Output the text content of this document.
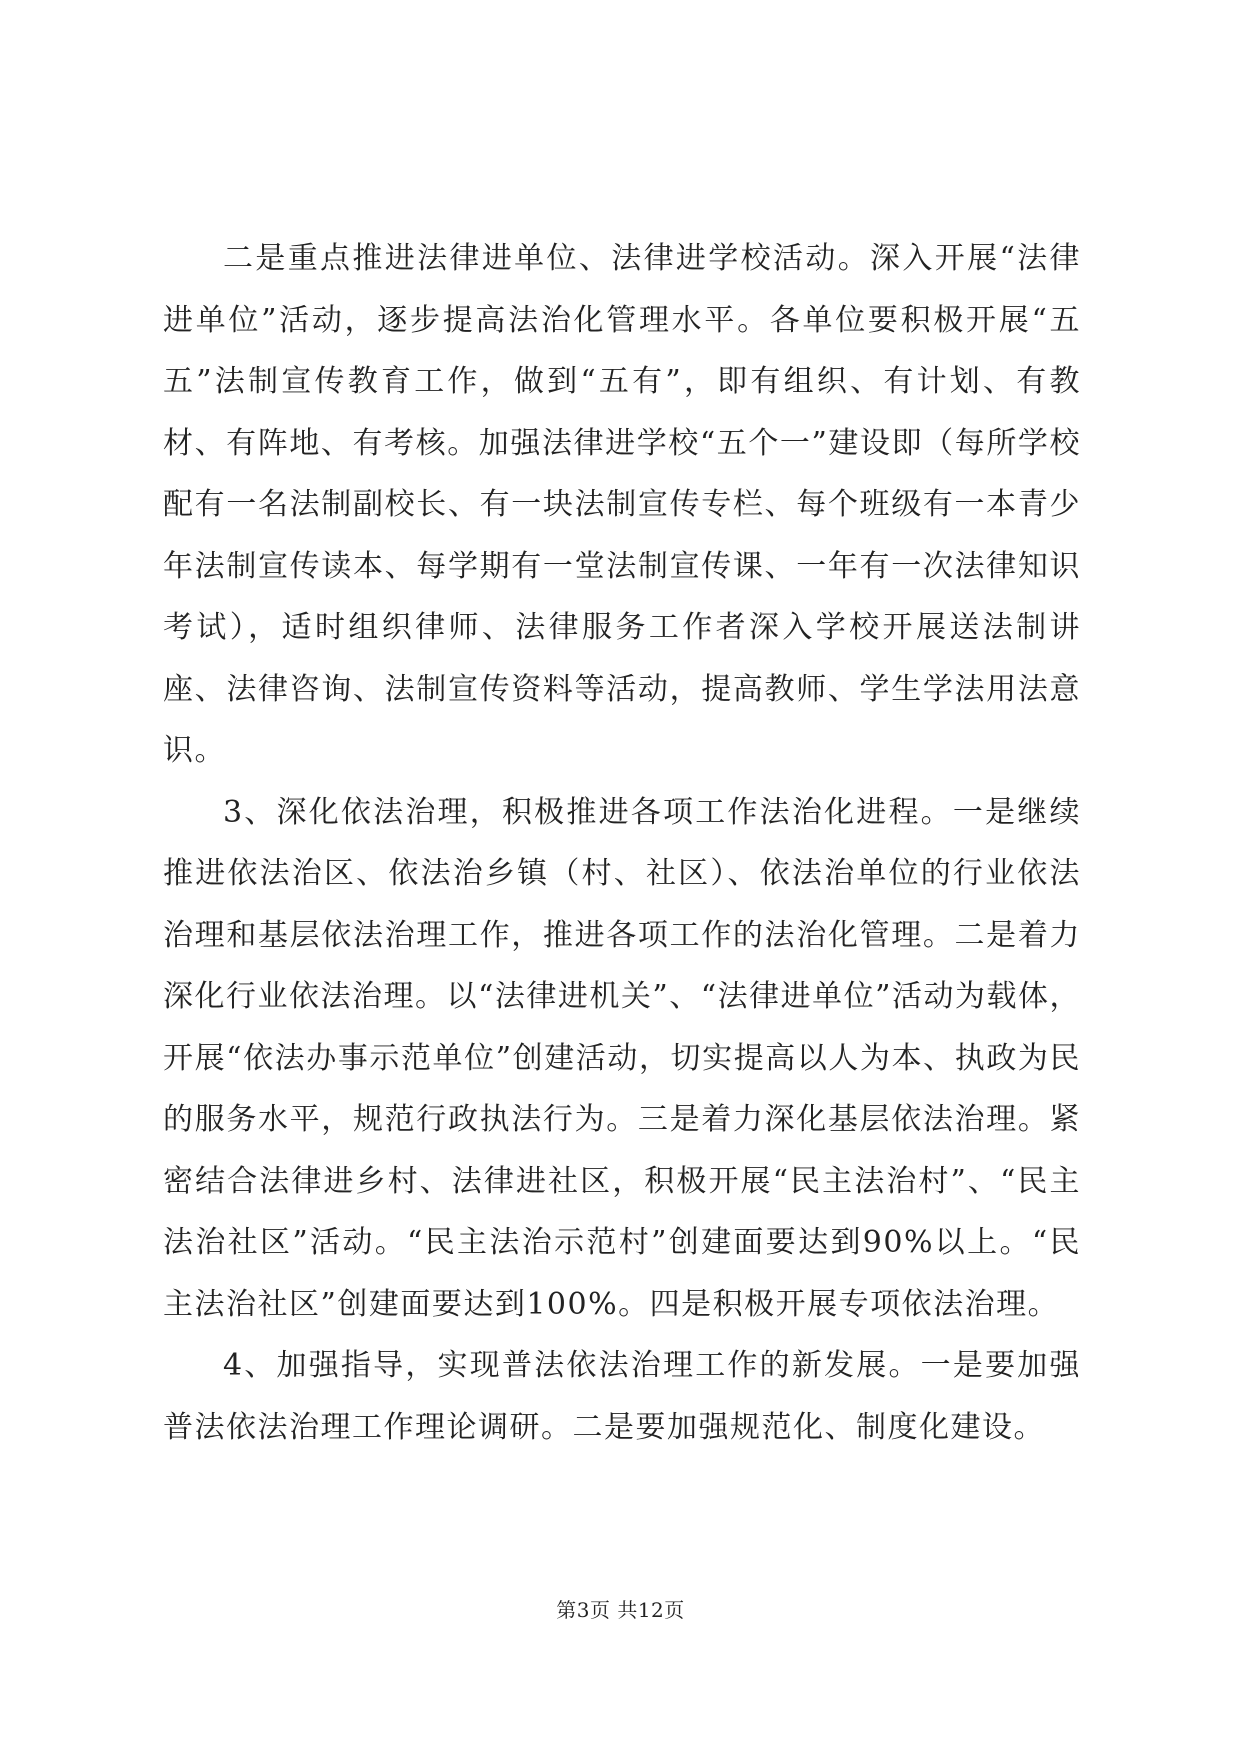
二是重点推进法律进单位、法律进学校活动。深入开展“法律进单位”活动，逐步提高法治化管理水平。各单位要积极开展“五五”法制宣传教育工作，做到“五有”，即有组织、有计划、有教材、有阵地、有考核。加强法律进学校“五个一”建设即（每所学校配有一名法制副校长、有一块法制宣传专栏、每个班级有一本青少年法制宣传读本、每学期有一堂法制宣传课、一年有一次法律知识考试），适时组织律师、法律服务工作者深入学校开展送法制讲座、法律咨询、法制宣传资料等活动，提高教师、学生学法用法意识。

3、深化依法治理，积极推进各项工作法治化进程。一是继续推进依法治区、依法治乡镇（村、社区）、依法治单位的行业依法治理和基层依法治理工作，推进各项工作的法治化管理。二是着力深化行业依法治理。以“法律进机关”、“法律进单位”活动为载体，开展“依法办事示范单位”创建活动，切实提高以人为本、执政为民的服务水平，规范行政执法行为。三是着力深化基层依法治理。紧密结合法律进乡村、法律进社区，积极开展“民主法治村”、“民主法治社区”活动。“民主法治示范村”创建面要达到90%以上。“民主法治社区”创建面要达到100%。四是积极开展专项依法治理。

4、加强指导，实现普法依法治理工作的新发展。一是要加强普法依法治理工作理论调研。二是要加强规范化、制度化建设。

第3页 共12页
